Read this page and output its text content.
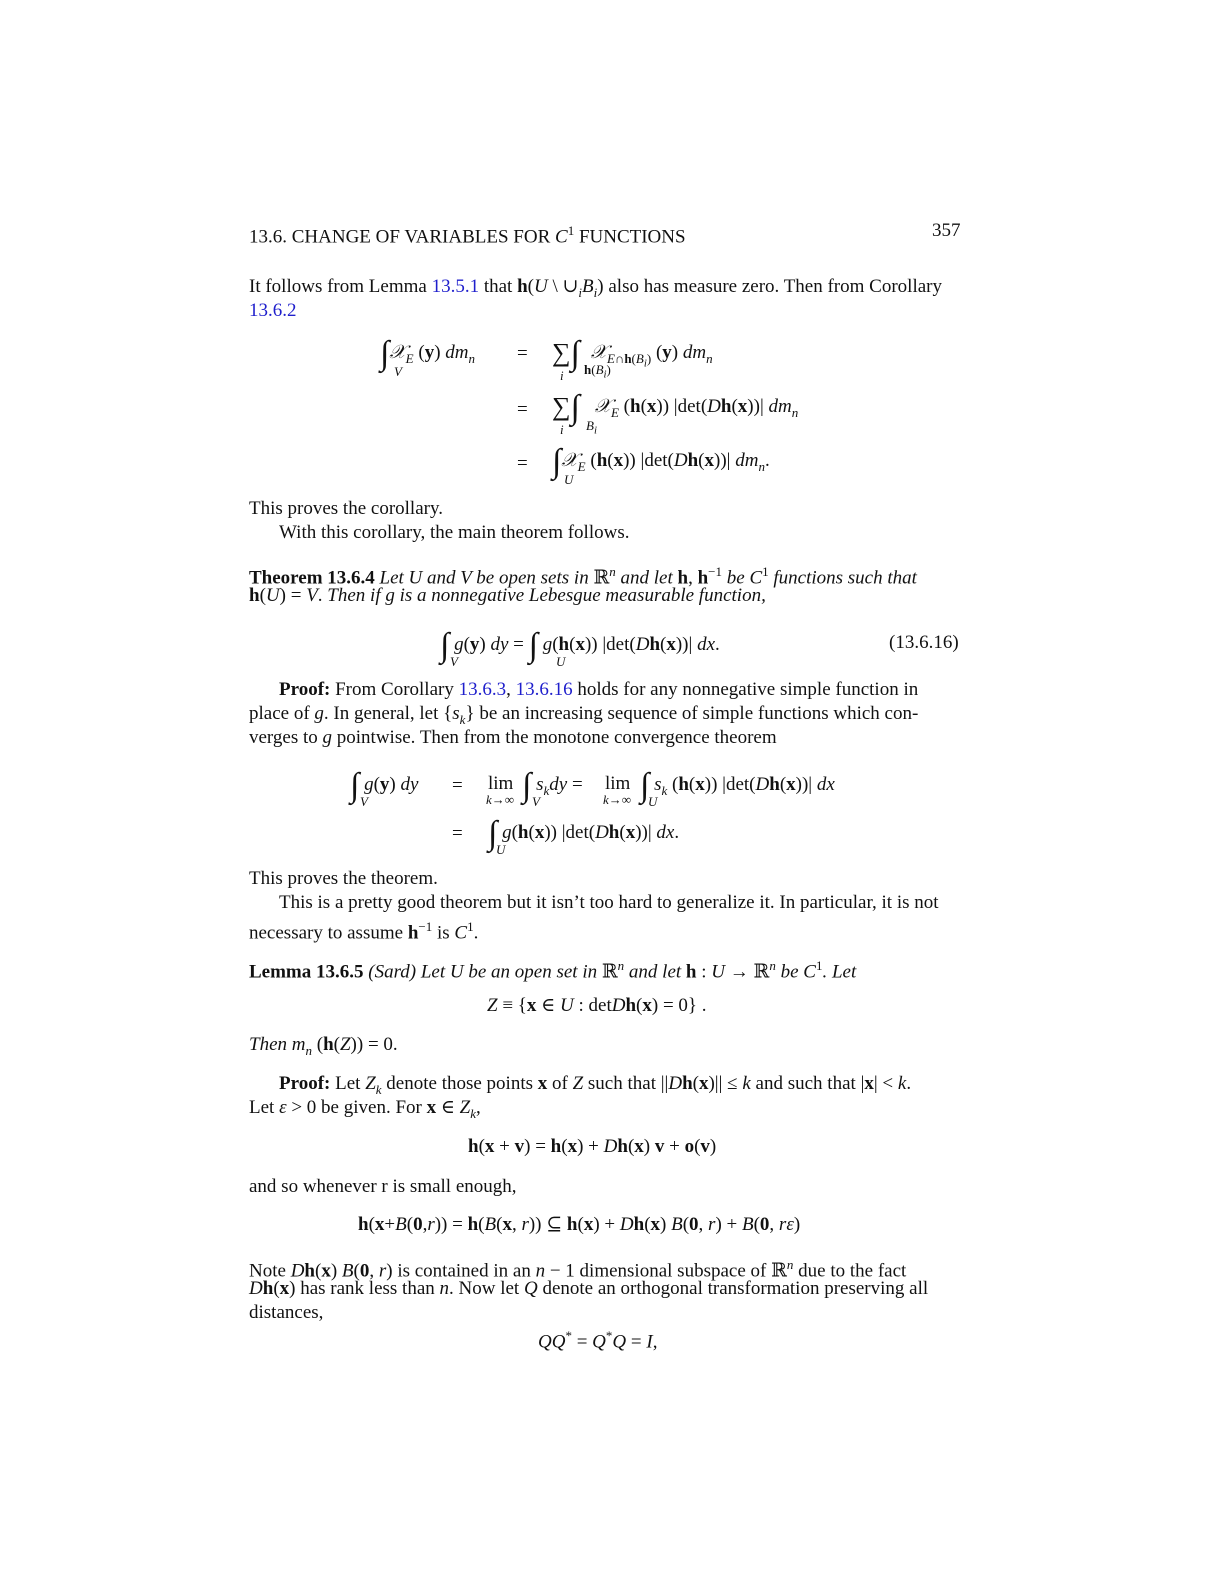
13.6. CHANGE OF VARIABLES FOR $C^1$ FUNCTIONS	357
It follows from Lemma 13.5.1 that h(U \ $\cup_iB_i$) also has measure zero. Then from Corollary
13.6.2
∫𝒳$_E$ (y) $dm_n$
V
= ∑∫ 𝒳$_{E\cap h(B_i)}$ (y) $dm_n$
i $h(B_i)$
= ∑∫ 𝒳$_E$ (h(x)) |det(Dh(x))| $dm_n$
i $B_i$
= ∫𝒳$_E$ (h(x)) |det(Dh(x))| $dm_n$.
U
This proves the corollary.
With this corollary, the main theorem follows.
Theorem 13.6.4 Let U and V be open sets in ℝ$^n$ and let h, $h^{-1}$ be $C^1$ functions such that
h(U) = V. Then if g is a nonnegative Lebesgue measurable function,
∫ g(y) dy = ∫ g(h(x)) |det(Dh(x))| dx.
V	U
(13.6.16)
Proof: From Corollary 13.6.3, 13.6.16 holds for any nonnegative simple function in
place of g. In general, let $\{s_k\}$ be an increasing sequence of simple functions which con-
verges to g pointwise. Then from the monotone convergence theorem
∫ g(y) dy
V
= lim
k→∞ ∫ $s_kdy$ =
V
lim
k→∞ ∫ $s_k$ (h(x)) |det(Dh(x))| dx
U
= ∫ g(h(x)) |det(Dh(x))| dx.
U
This proves the theorem.
This is a pretty good theorem but it isn’t too hard to generalize it. In particular, it is not
necessary to assume $h^{-1}$ is $C^1$.
Lemma 13.6.5 (Sard) Let U be an open set in ℝ$^n$ and let h : U → ℝ$^n$ be $C^1$. Let
Z ≡ {x ∈ U : detDh(x) = 0} .
Then $m_n$ (h(Z)) = 0.
Proof: Let $Z_k$ denote those points x of Z such that ||Dh(x)|| ≤ k and such that |x| < k.
Let ε > 0 be given. For x ∈ $Z_k$,
h(x + v) = h(x) + Dh(x) v + o(v)
and so whenever r is small enough,
h(x+B(0,r)) = h(B(x, r)) ⊆ h(x) + Dh(x) B(0, r) + B(0, rε)
Note Dh(x) B(0, r) is contained in an n − 1 dimensional subspace of ℝ$^n$ due to the fact
Dh(x) has rank less than n. Now let Q denote an orthogonal transformation preserving all
distances,
QQ* = Q*Q = I,
